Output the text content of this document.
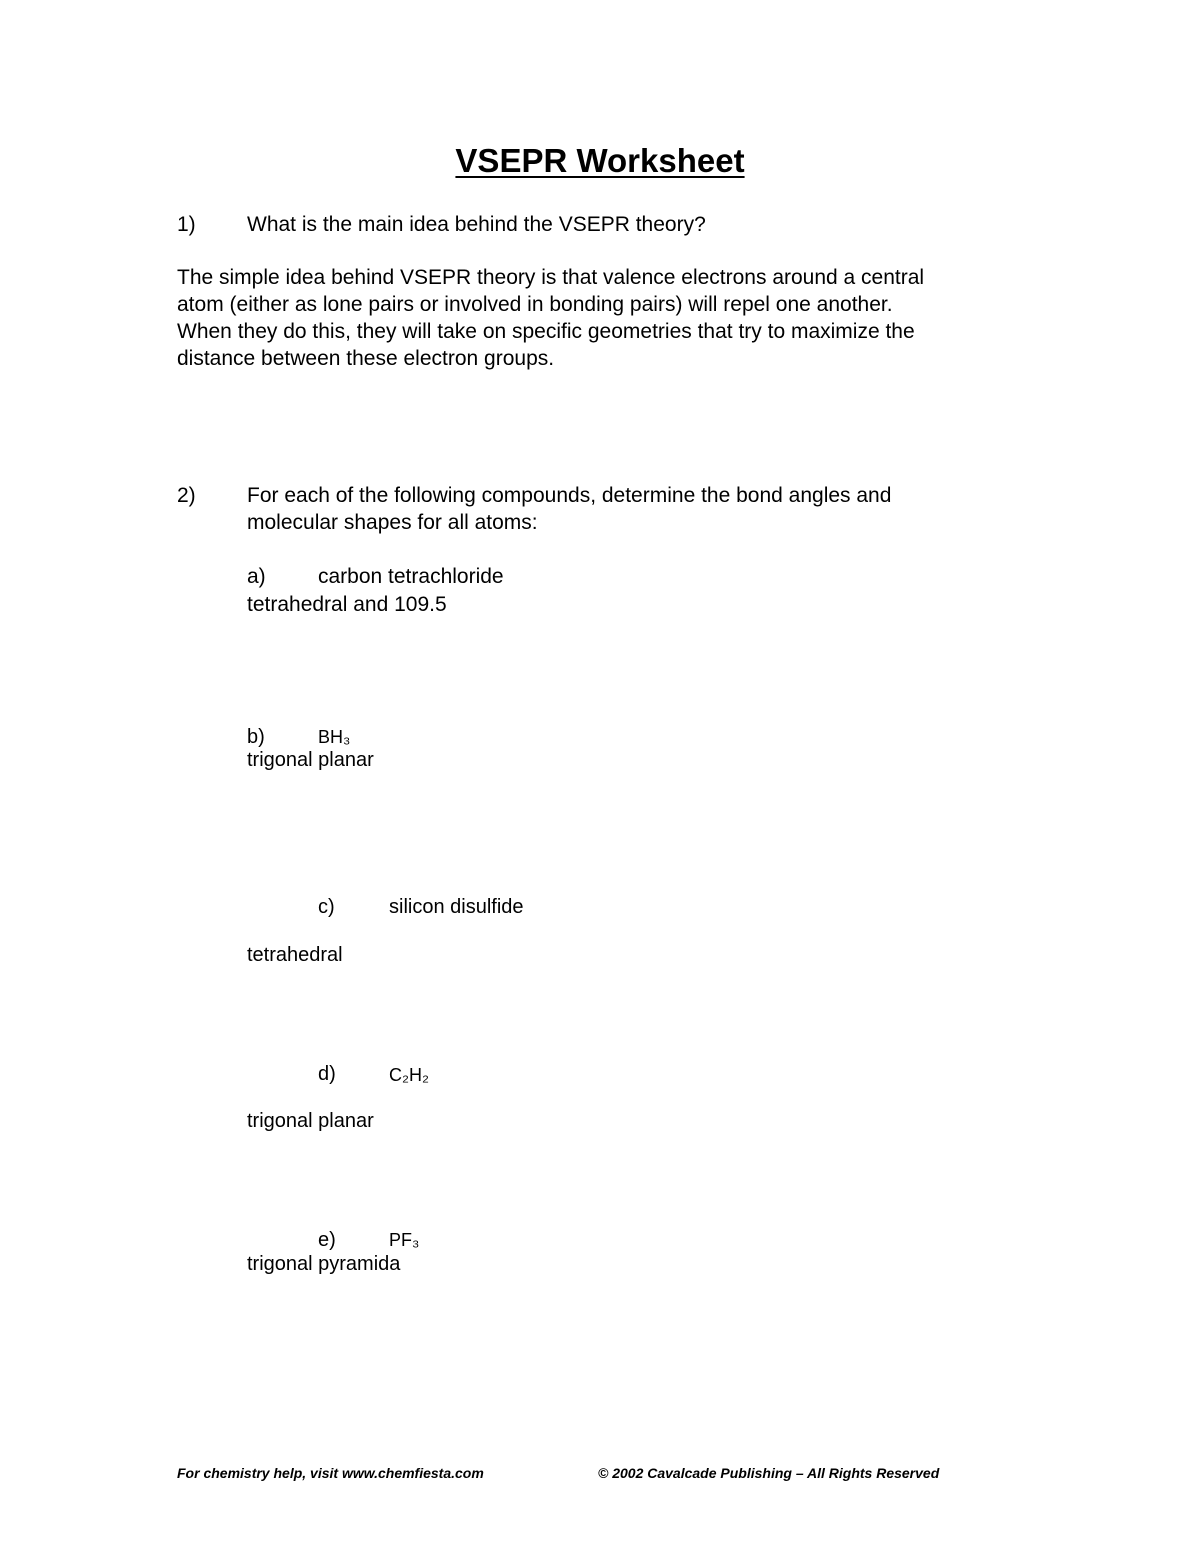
VSEPR Worksheet
1) What is the main idea behind the VSEPR theory?
The simple idea behind VSEPR theory is that valence electrons around a central
atom (either as lone pairs or involved in bonding pairs) will repel one another.
When they do this, they will take on specific geometries that try to maximize the
distance between these electron groups.
2) For each of the following compounds, determine the bond angles and
molecular shapes for all atoms:
a) carbon tetrachloride
tetrahedral and 109.5
b)	BH₃
trigonal planar
c)	silicon disulfide
tetrahedral
d)	C₂H₂
trigonal planar
e)	PF₃
trigonal pyramida
For chemistry help, visit www.chemfiesta.com	© 2002 Cavalcade Publishing – All Rights Reserved
